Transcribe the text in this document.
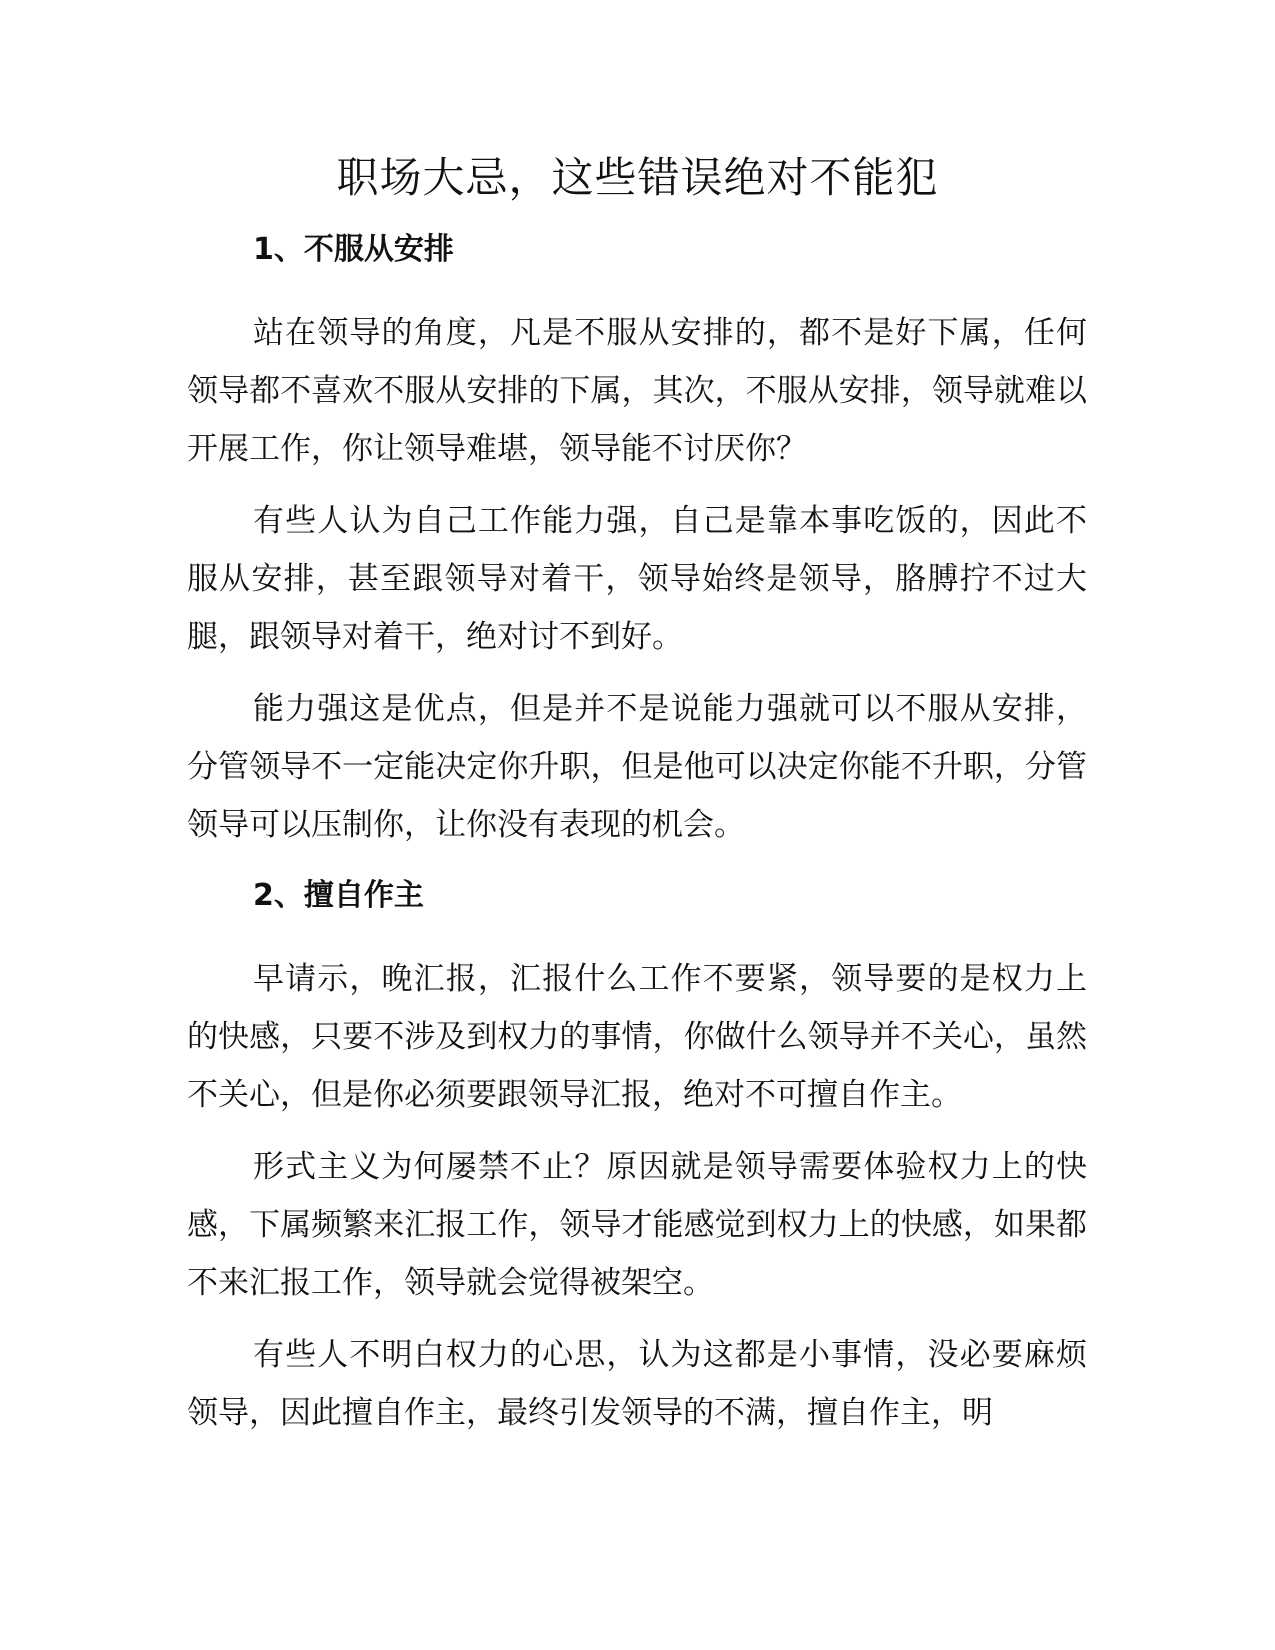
职场大忌，这些错误绝对不能犯

1、不服从安排

站在领导的角度，凡是不服从安排的，都不是好下属，任何领导都不喜欢不服从安排的下属，其次，不服从安排，领导就难以开展工作，你让领导难堪，领导能不讨厌你？

有些人认为自己工作能力强，自己是靠本事吃饭的，因此不服从安排，甚至跟领导对着干，领导始终是领导，胳膊拧不过大腿，跟领导对着干，绝对讨不到好。

能力强这是优点，但是并不是说能力强就可以不服从安排，分管领导不一定能决定你升职，但是他可以决定你能不升职，分管领导可以压制你，让你没有表现的机会。

2、擅自作主

早请示，晚汇报，汇报什么工作不要紧，领导要的是权力上的快感，只要不涉及到权力的事情，你做什么领导并不关心，虽然不关心，但是你必须要跟领导汇报，绝对不可擅自作主。

形式主义为何屡禁不止？原因就是领导需要体验权力上的快感，下属频繁来汇报工作，领导才能感觉到权力上的快感，如果都不来汇报工作，领导就会觉得被架空。

有些人不明白权力的心思，认为这都是小事情，没必要麻烦领导，因此擅自作主，最终引发领导的不满，擅自作主，明
